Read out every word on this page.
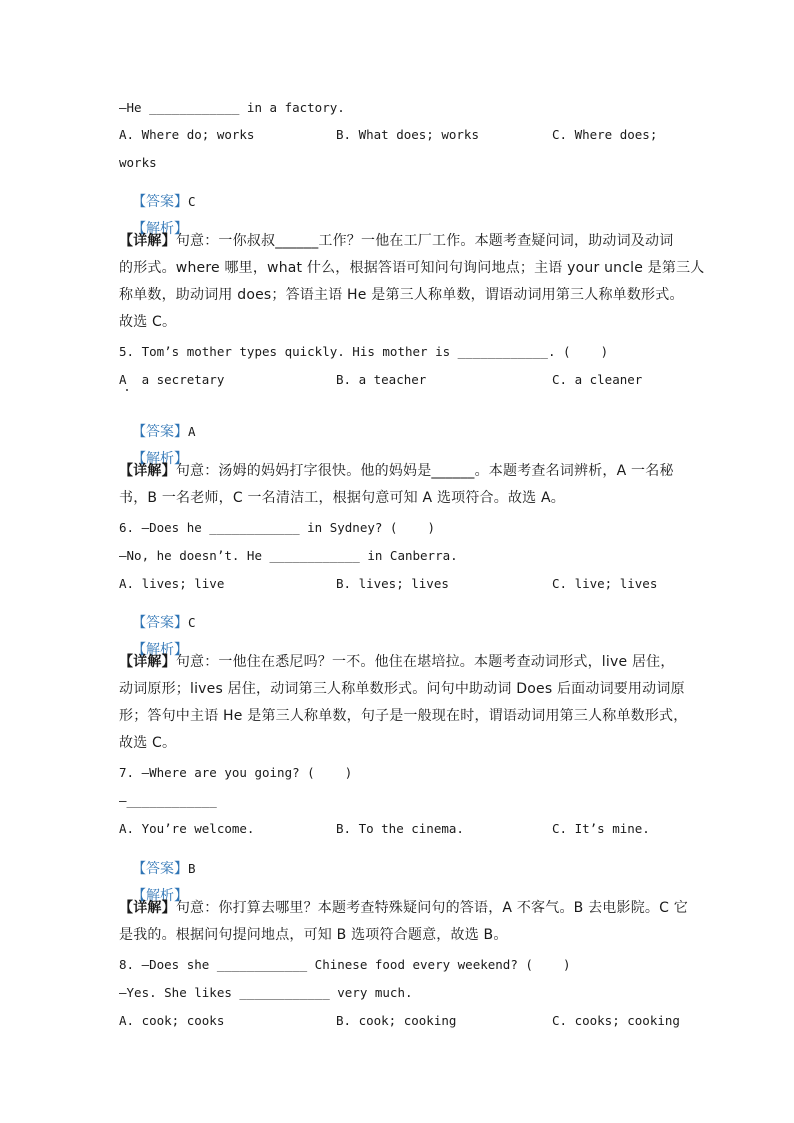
—He ____________ in a factory.
A. Where do; works	B. What does; works	C. Where does;
works

【答案】C

【解析】

【详解】句意：一你叔叔______工作？一他在工厂工作。本题考查疑问词，助动词及动词
的形式。where 哪里，what 什么，根据答语可知问句询问地点；主语 your uncle 是第三人
称单数，助动词用 does；答语主语 He 是第三人称单数，谓语动词用第三人称单数形式。
故选 C。
5. Tom’s mother types quickly. His mother is ____________. (    )
A  a secretary	B. a teacher	C. a cleaner

【答案】A

【解析】

【详解】句意：汤姆的妈妈打字很快。他的妈妈是______。本题考查名词辨析，A 一名秘
书，B 一名老师，C 一名清洁工，根据句意可知 A 选项符合。故选 A。
6. —Does he ____________ in Sydney? (    )
—No, he doesn’t. He ____________ in Canberra.
A. lives; live	B. lives; lives	C. live; lives

【答案】C

【解析】

【详解】句意：一他住在悉尼吗？一不。他住在堪培拉。本题考查动词形式，live 居住，
动词原形；lives 居住，动词第三人称单数形式。问句中助动词 Does 后面动词要用动词原
形；答句中主语 He 是第三人称单数，句子是一般现在时，谓语动词用第三人称单数形式，
故选 C。
7. —Where are you going? (    )
—____________
A. You’re welcome.	B. To the cinema.	C. It’s mine.

【答案】B

【解析】

【详解】句意：你打算去哪里？本题考查特殊疑问句的答语，A 不客气。B 去电影院。C 它
是我的。根据问句提问地点，可知 B 选项符合题意，故选 B。
8. —Does she ____________ Chinese food every weekend? (    )
—Yes. She likes ____________ very much.
A. cook; cooks	B. cook; cooking	C. cooks; cooking
